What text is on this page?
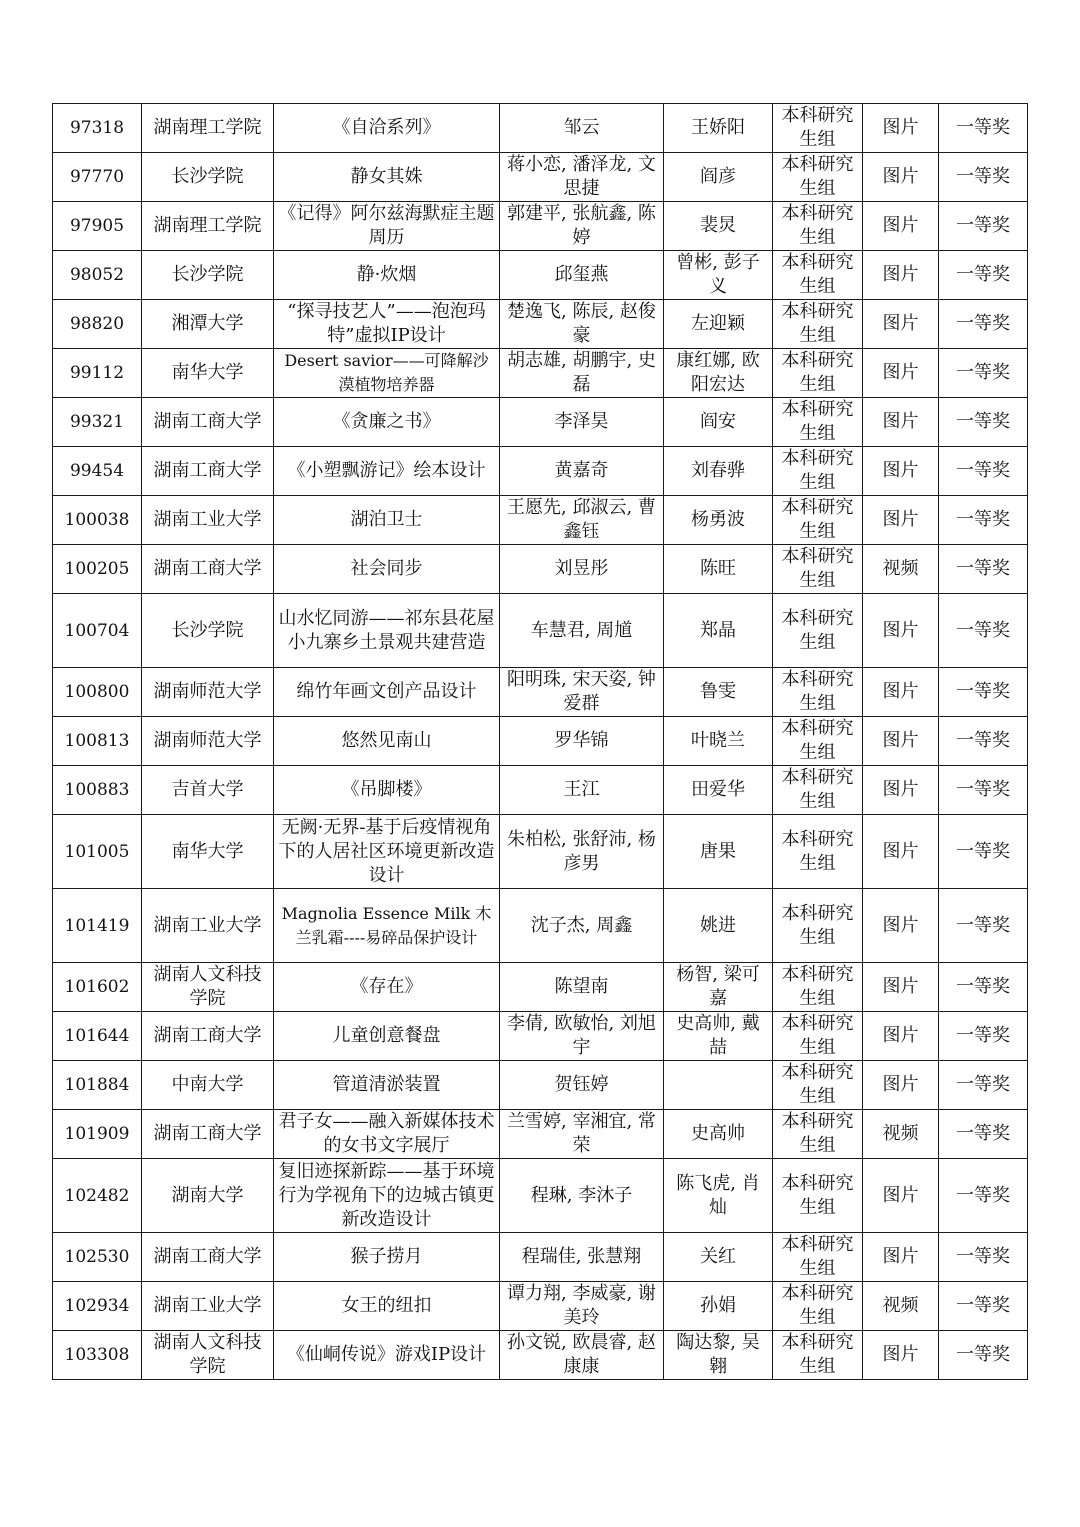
97318	湖南理工学院	《自洽系列》	邹云	王娇阳	本科研究生组	图片	一等奖
97770	长沙学院	静女其姝	蒋小恋, 潘泽龙, 文思捷	阎彦	本科研究生组	图片	一等奖
97905	湖南理工学院	《记得》阿尔兹海默症主题周历	郭建平, 张航鑫, 陈婷	裴炅	本科研究生组	图片	一等奖
98052	长沙学院	静·炊烟	邱玺燕	曾彬, 彭子义	本科研究生组	图片	一等奖
98820	湘潭大学	“探寻技艺人”——泡泡玛特”虚拟IP设计	楚逸飞, 陈辰, 赵俊豪	左迎颖	本科研究生组	图片	一等奖
99112	南华大学	Desert savior——可降解沙漠植物培养器	胡志雄, 胡鹏宇, 史磊	康红娜, 欧阳宏达	本科研究生组	图片	一等奖
99321	湖南工商大学	《贪廉之书》	李泽昊	阎安	本科研究生组	图片	一等奖
99454	湖南工商大学	《小塑飘游记》绘本设计	黄嘉奇	刘春骅	本科研究生组	图片	一等奖
100038	湖南工业大学	湖泊卫士	王愿先, 邱淑云, 曹鑫钰	杨勇波	本科研究生组	图片	一等奖
100205	湖南工商大学	社会同步	刘昱彤	陈旺	本科研究生组	视频	一等奖
100704	长沙学院	山水忆同游——祁东县花屋小九寨乡土景观共建营造	车慧君, 周馗	郑晶	本科研究生组	图片	一等奖
100800	湖南师范大学	绵竹年画文创产品设计	阳明珠, 宋天姿, 钟爱群	鲁雯	本科研究生组	图片	一等奖
100813	湖南师范大学	悠然见南山	罗华锦	叶晓兰	本科研究生组	图片	一等奖
100883	吉首大学	《吊脚楼》	王江	田爱华	本科研究生组	图片	一等奖
101005	南华大学	无阙·无界-基于后疫情视角下的人居社区环境更新改造设计	朱柏松, 张舒沛, 杨彦男	唐果	本科研究生组	图片	一等奖
101419	湖南工业大学	Magnolia Essence Milk 木兰乳霜----易碎品保护设计	沈子杰, 周鑫	姚进	本科研究生组	图片	一等奖
101602	湖南人文科技学院	《存在》	陈望南	杨智, 梁可嘉	本科研究生组	图片	一等奖
101644	湖南工商大学	儿童创意餐盘	李倩, 欧敏怡, 刘旭宇	史高帅, 戴喆	本科研究生组	图片	一等奖
101884	中南大学	管道清淤装置	贺钰婷		本科研究生组	图片	一等奖
101909	湖南工商大学	君子女——融入新媒体技术的女书文字展厅	兰雪婷, 宰湘宜, 常荣	史高帅	本科研究生组	视频	一等奖
102482	湖南大学	复旧迹探新踪——基于环境行为学视角下的边城古镇更新改造设计	程琳, 李沐子	陈飞虎, 肖灿	本科研究生组	图片	一等奖
102530	湖南工商大学	猴子捞月	程瑞佳, 张慧翔	关红	本科研究生组	图片	一等奖
102934	湖南工业大学	女王的纽扣	谭力翔, 李威豪, 谢美玲	孙娟	本科研究生组	视频	一等奖
103308	湖南人文科技学院	《仙峒传说》游戏IP设计	孙文锐, 欧晨睿, 赵康康	陶达黎, 吴翱	本科研究生组	图片	一等奖
